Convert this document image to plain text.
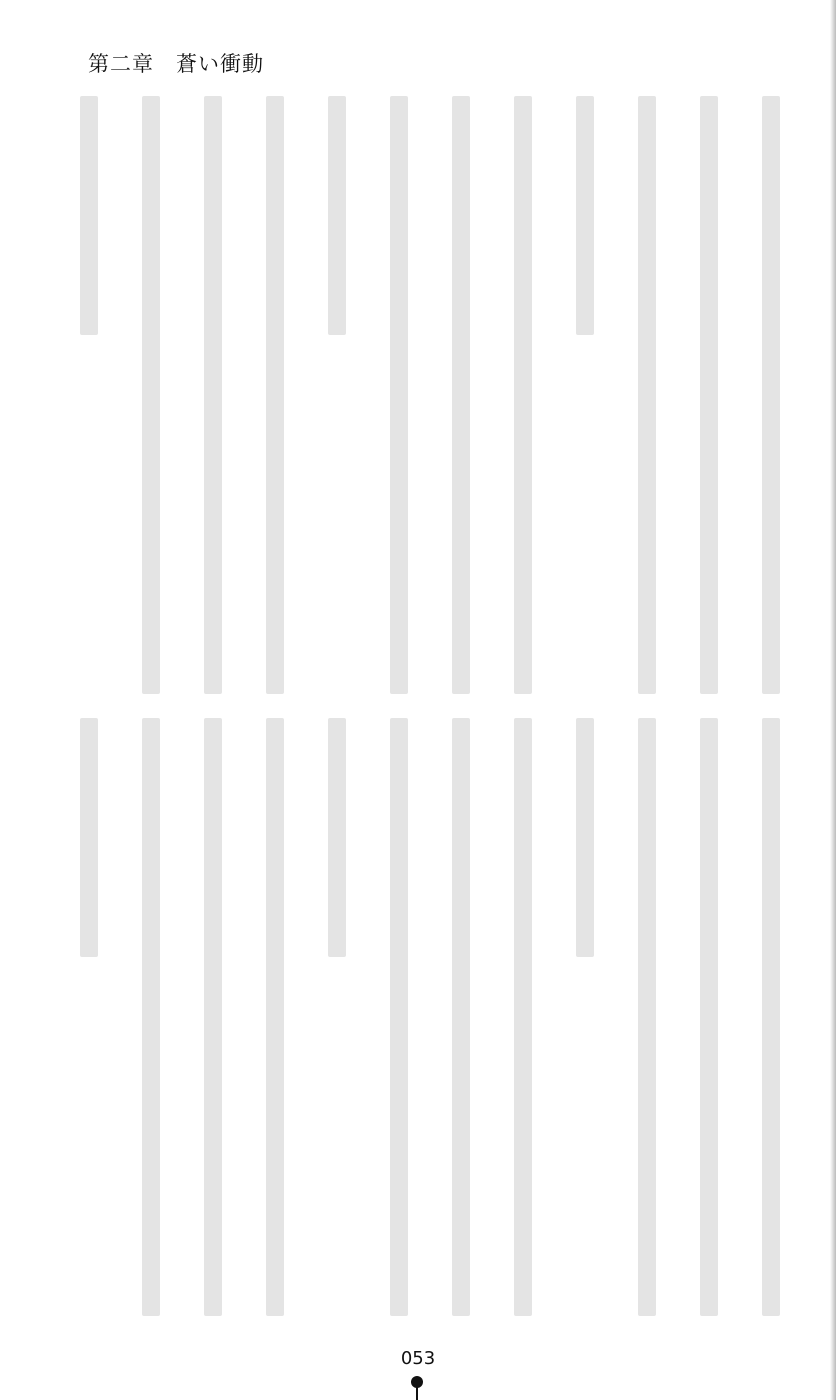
第二章　蒼い衝動
053
